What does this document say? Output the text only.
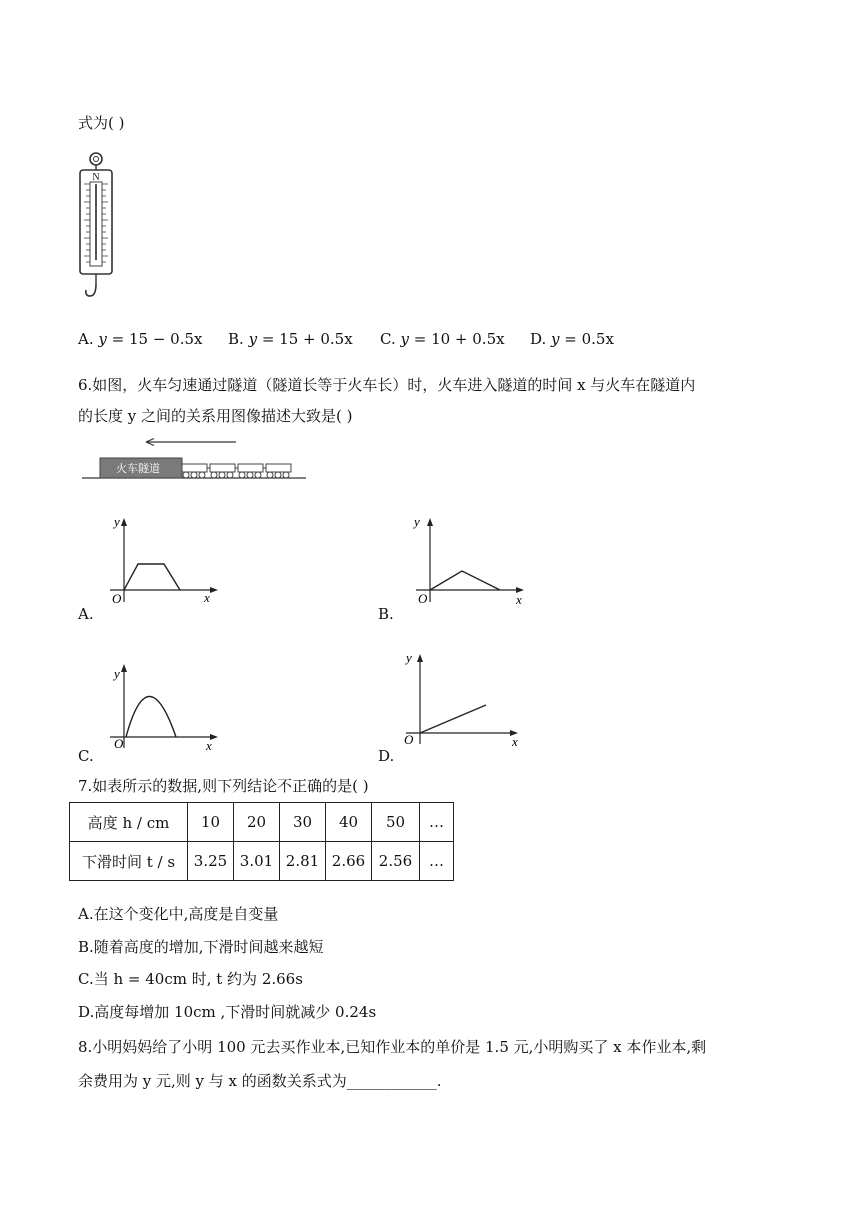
式为( )
N
A. y = 15 − 0.5x B. y = 15 + 0.5x C. y = 10 + 0.5x D. y = 0.5x
6.如图，火车匀速通过隧道（隧道长等于火车长）时，火车进入隧道的时间 x 与火车在隧道内
的长度 y 之间的关系用图像描述大致是( )
火车隧道
y
O	x
A.
y
O	x
B.
y
O	x
C.
y
O	x
D.
7.如表所示的数据,则下列结论不正确的是( )
高度 h / cm	10	20	30	40	50	…
下滑时间 t / s	3.25	3.01	2.81	2.66	2.56	…
A.在这个变化中,高度是自变量
B.随着高度的增加,下滑时间越来越短
C.当 h = 40cm 时, t 约为 2.66s
D.高度每增加 10cm ,下滑时间就减少 0.24s
8.小明妈妈给了小明 100 元去买作业本,已知作业本的单价是 1.5 元,小明购买了 x 本作业本,剩
余费用为 y 元,则 y 与 x 的函数关系式为____________.
